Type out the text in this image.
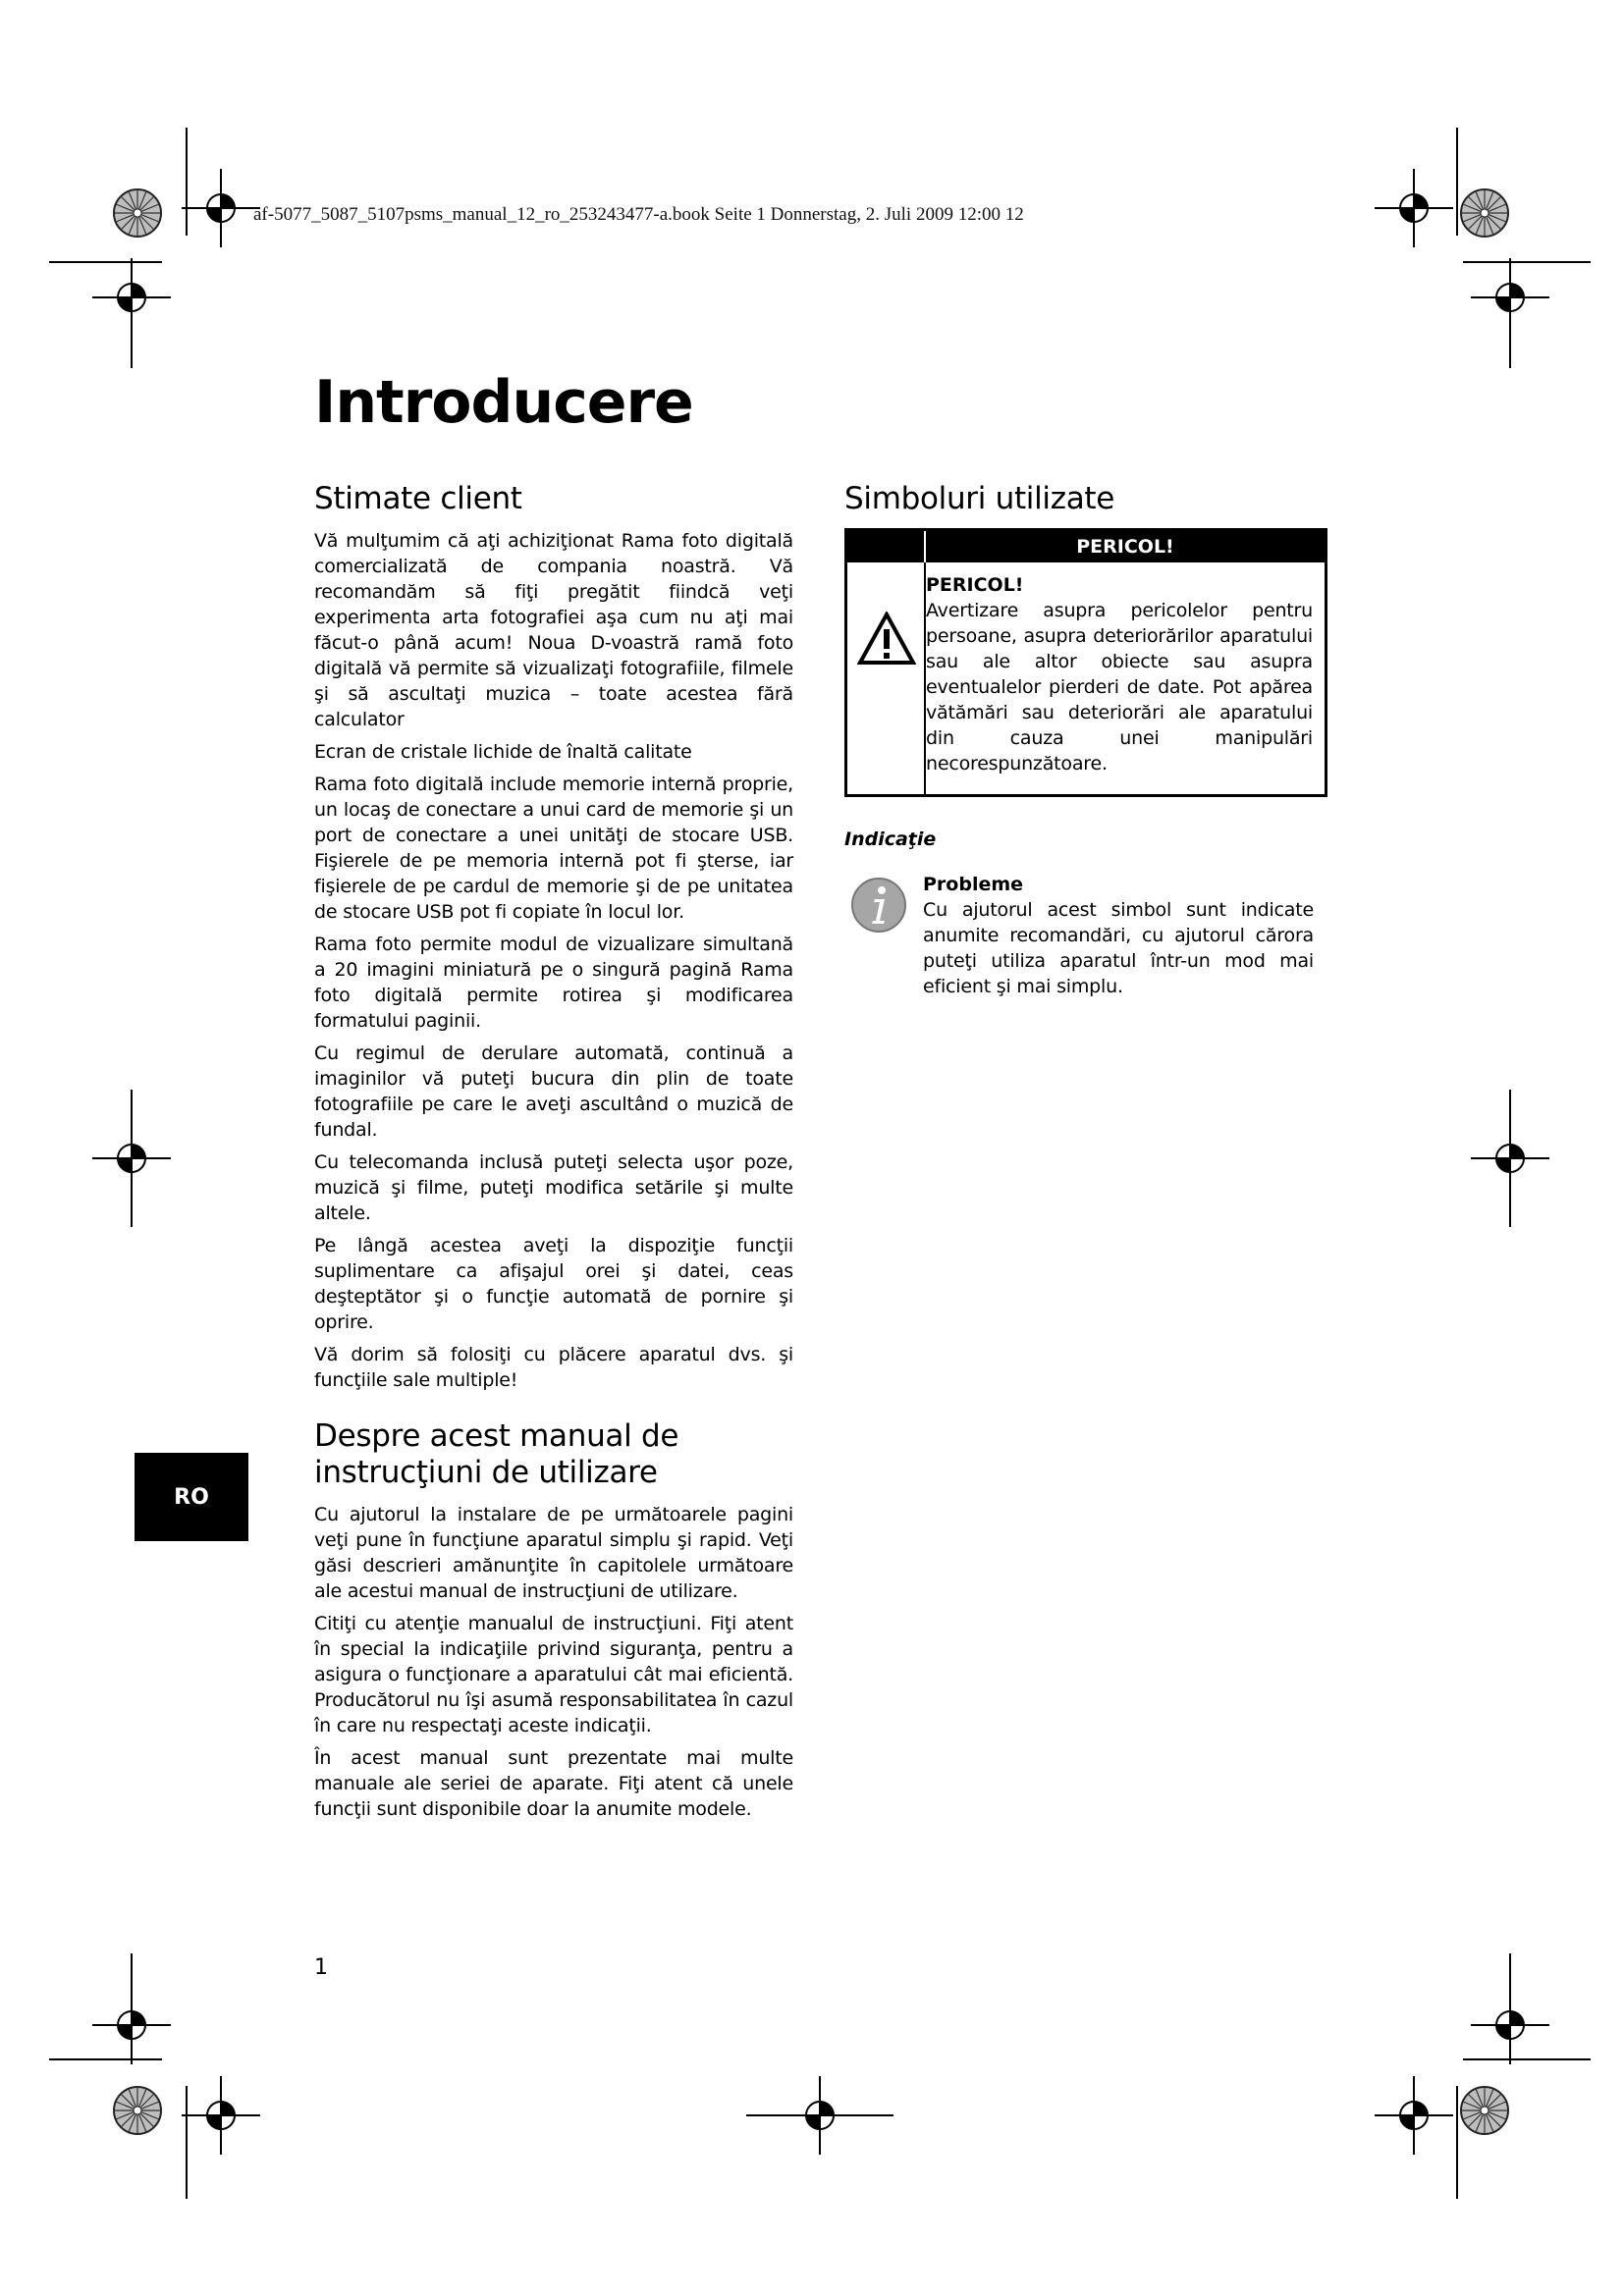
af-5077_5087_5107psms_manual_12_ro_253243477-a.book Seite 1 Donnerstag, 2. Juli 2009 12:00 12
Introducere
Stimate client

Vă mulţumim că aţi achiziţionat Rama foto digitală comercializată de compania noastră. Vă recomandăm să fiţi pregătit fiindcă veţi experimenta arta fotografiei aşa cum nu aţi mai făcut-o până acum! Noua D-voastră ramă foto digitală vă permite să vizualizaţi fotografiile, filmele şi să ascultaţi muzica – toate acestea fără calculator

Ecran de cristale lichide de înaltă calitate

Rama foto digitală include memorie internă proprie, un locaş de conectare a unui card de memorie şi un port de conectare a unei unităţi de stocare USB. Fişierele de pe memoria internă pot fi şterse, iar fişierele de pe cardul de memorie şi de pe unitatea de stocare USB pot fi copiate în locul lor.

Rama foto permite modul de vizualizare simultană a 20 imagini miniatură pe o singură pagină Rama foto digitală permite rotirea şi modificarea formatului paginii.

Cu regimul de derulare automată, continuă a imaginilor vă puteţi bucura din plin de toate fotografiile pe care le aveţi ascultând o muzică de fundal.

Cu telecomanda inclusă puteţi selecta uşor poze, muzică şi filme, puteţi modifica setările şi multe altele.

Pe lângă acestea aveţi la dispoziţie funcţii suplimentare ca afişajul orei şi datei, ceas deşteptător şi o funcţie automată de pornire şi oprire.

Vă dorim să folosiţi cu plăcere aparatul dvs. şi funcţiile sale multiple!

Despre acest manual de instrucţiuni de utilizare

Cu ajutorul la instalare de pe următoarele pagini veţi pune în funcţiune aparatul simplu şi rapid. Veţi găsi descrieri amănunţite în capitolele următoare ale acestui manual de instrucţiuni de utilizare.

Citiţi cu atenţie manualul de instrucţiuni. Fiţi atent în special la indicaţiile privind siguranţa, pentru a asigura o funcţionare a aparatului cât mai eficientă. Producătorul nu îşi asumă responsabilitatea în cazul în care nu respectaţi aceste indicaţii.

În acest manual sunt prezentate mai multe manuale ale seriei de aparate. Fiţi atent că unele funcţii sunt disponibile doar la anumite modele.

Simboluri utilizate
PERICOL!
PERICOL!

Avertizare asupra pericolelor pentru persoane, asupra deteriorărilor aparatului sau ale altor obiecte sau asupra eventualelor pierderi de date. Pot apărea vătămări sau deteriorări ale aparatului din cauza unei manipulări necorespunzătoare.

Indicaţie
Probleme

Cu ajutorul acest simbol sunt indicate anumite recomandări, cu ajutorul cărora puteţi utiliza aparatul într-un mod mai eficient şi mai simplu.

RO
1
